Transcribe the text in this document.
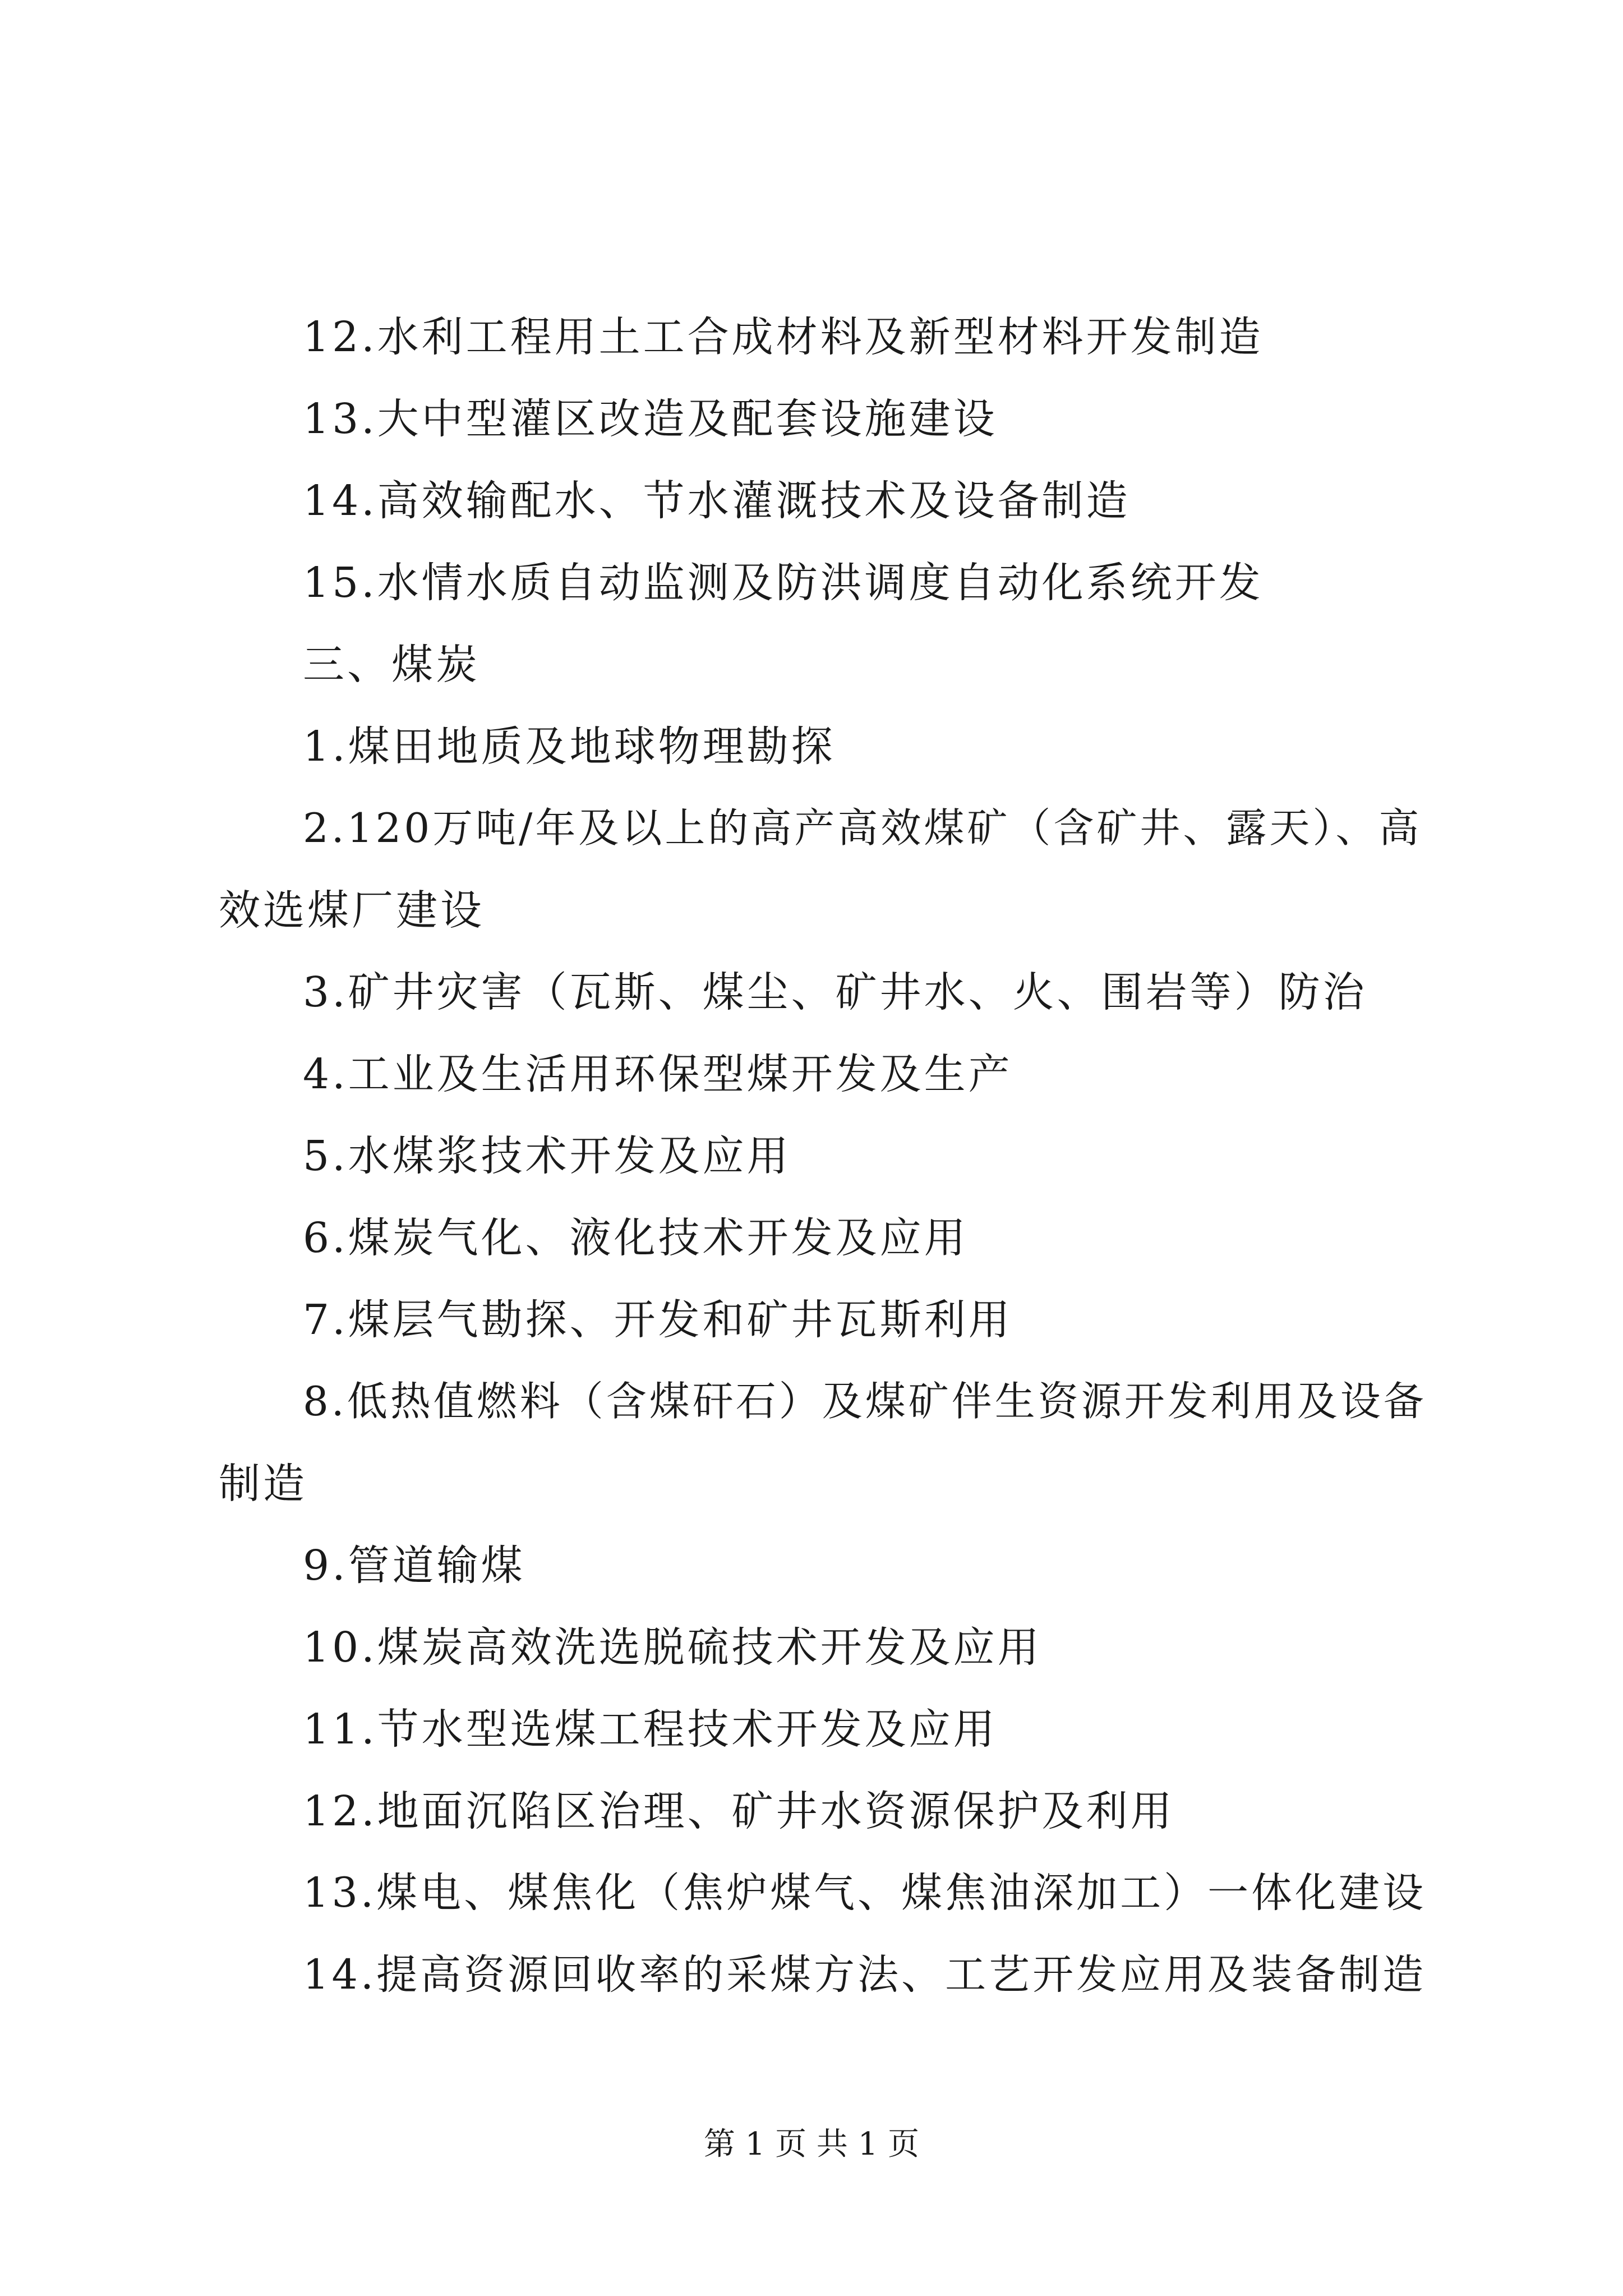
12.水利工程用土工合成材料及新型材料开发制造
13.大中型灌区改造及配套设施建设
14.高效输配水、节水灌溉技术及设备制造
15.水情水质自动监测及防洪调度自动化系统开发
三、煤炭
1.煤田地质及地球物理勘探
2.120万吨/年及以上的高产高效煤矿（含矿井、露天）、高
效选煤厂建设
3.矿井灾害（瓦斯、煤尘、矿井水、火、围岩等）防治
4.工业及生活用环保型煤开发及生产
5.水煤浆技术开发及应用
6.煤炭气化、液化技术开发及应用
7.煤层气勘探、开发和矿井瓦斯利用
8.低热值燃料（含煤矸石）及煤矿伴生资源开发利用及设备
制造
9.管道输煤
10.煤炭高效洗选脱硫技术开发及应用
11.节水型选煤工程技术开发及应用
12.地面沉陷区治理、矿井水资源保护及利用
13.煤电、煤焦化（焦炉煤气、煤焦油深加工）一体化建设
14.提高资源回收率的采煤方法、工艺开发应用及装备制造
第 1 页 共 1 页
